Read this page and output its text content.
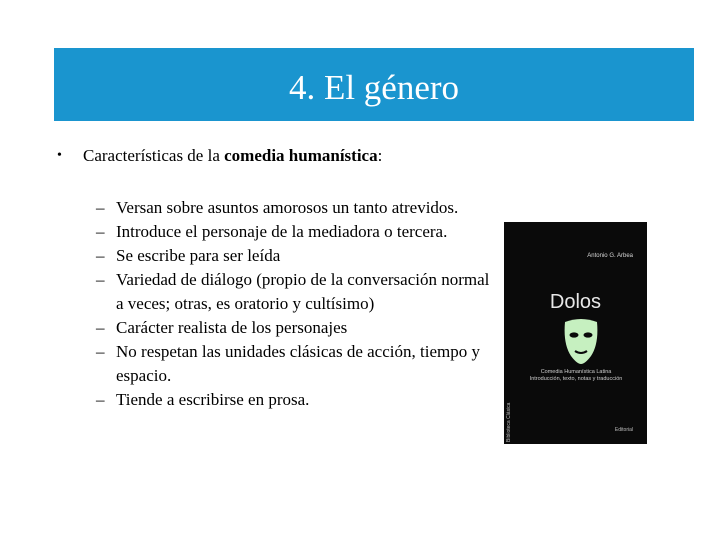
4. El género
• Características de la comedia humanística:
– Versan sobre asuntos amorosos un tanto atrevidos.
– Introduce el personaje de la mediadora o tercera.
– Se escribe para ser leída
– Variedad de diálogo (propio de la conversación normal a veces; otras, es oratorio y cultísimo)
– Carácter realista de los personajes
– No respetan las unidades clásicas de acción, tiempo y espacio.
– Tiende a escribirse en prosa.
Antonio G. Arbea
Dolos
Comedia Humanística Latina
Introducción, texto, notas y traducción
Biblioteca Clásica	Editorial
